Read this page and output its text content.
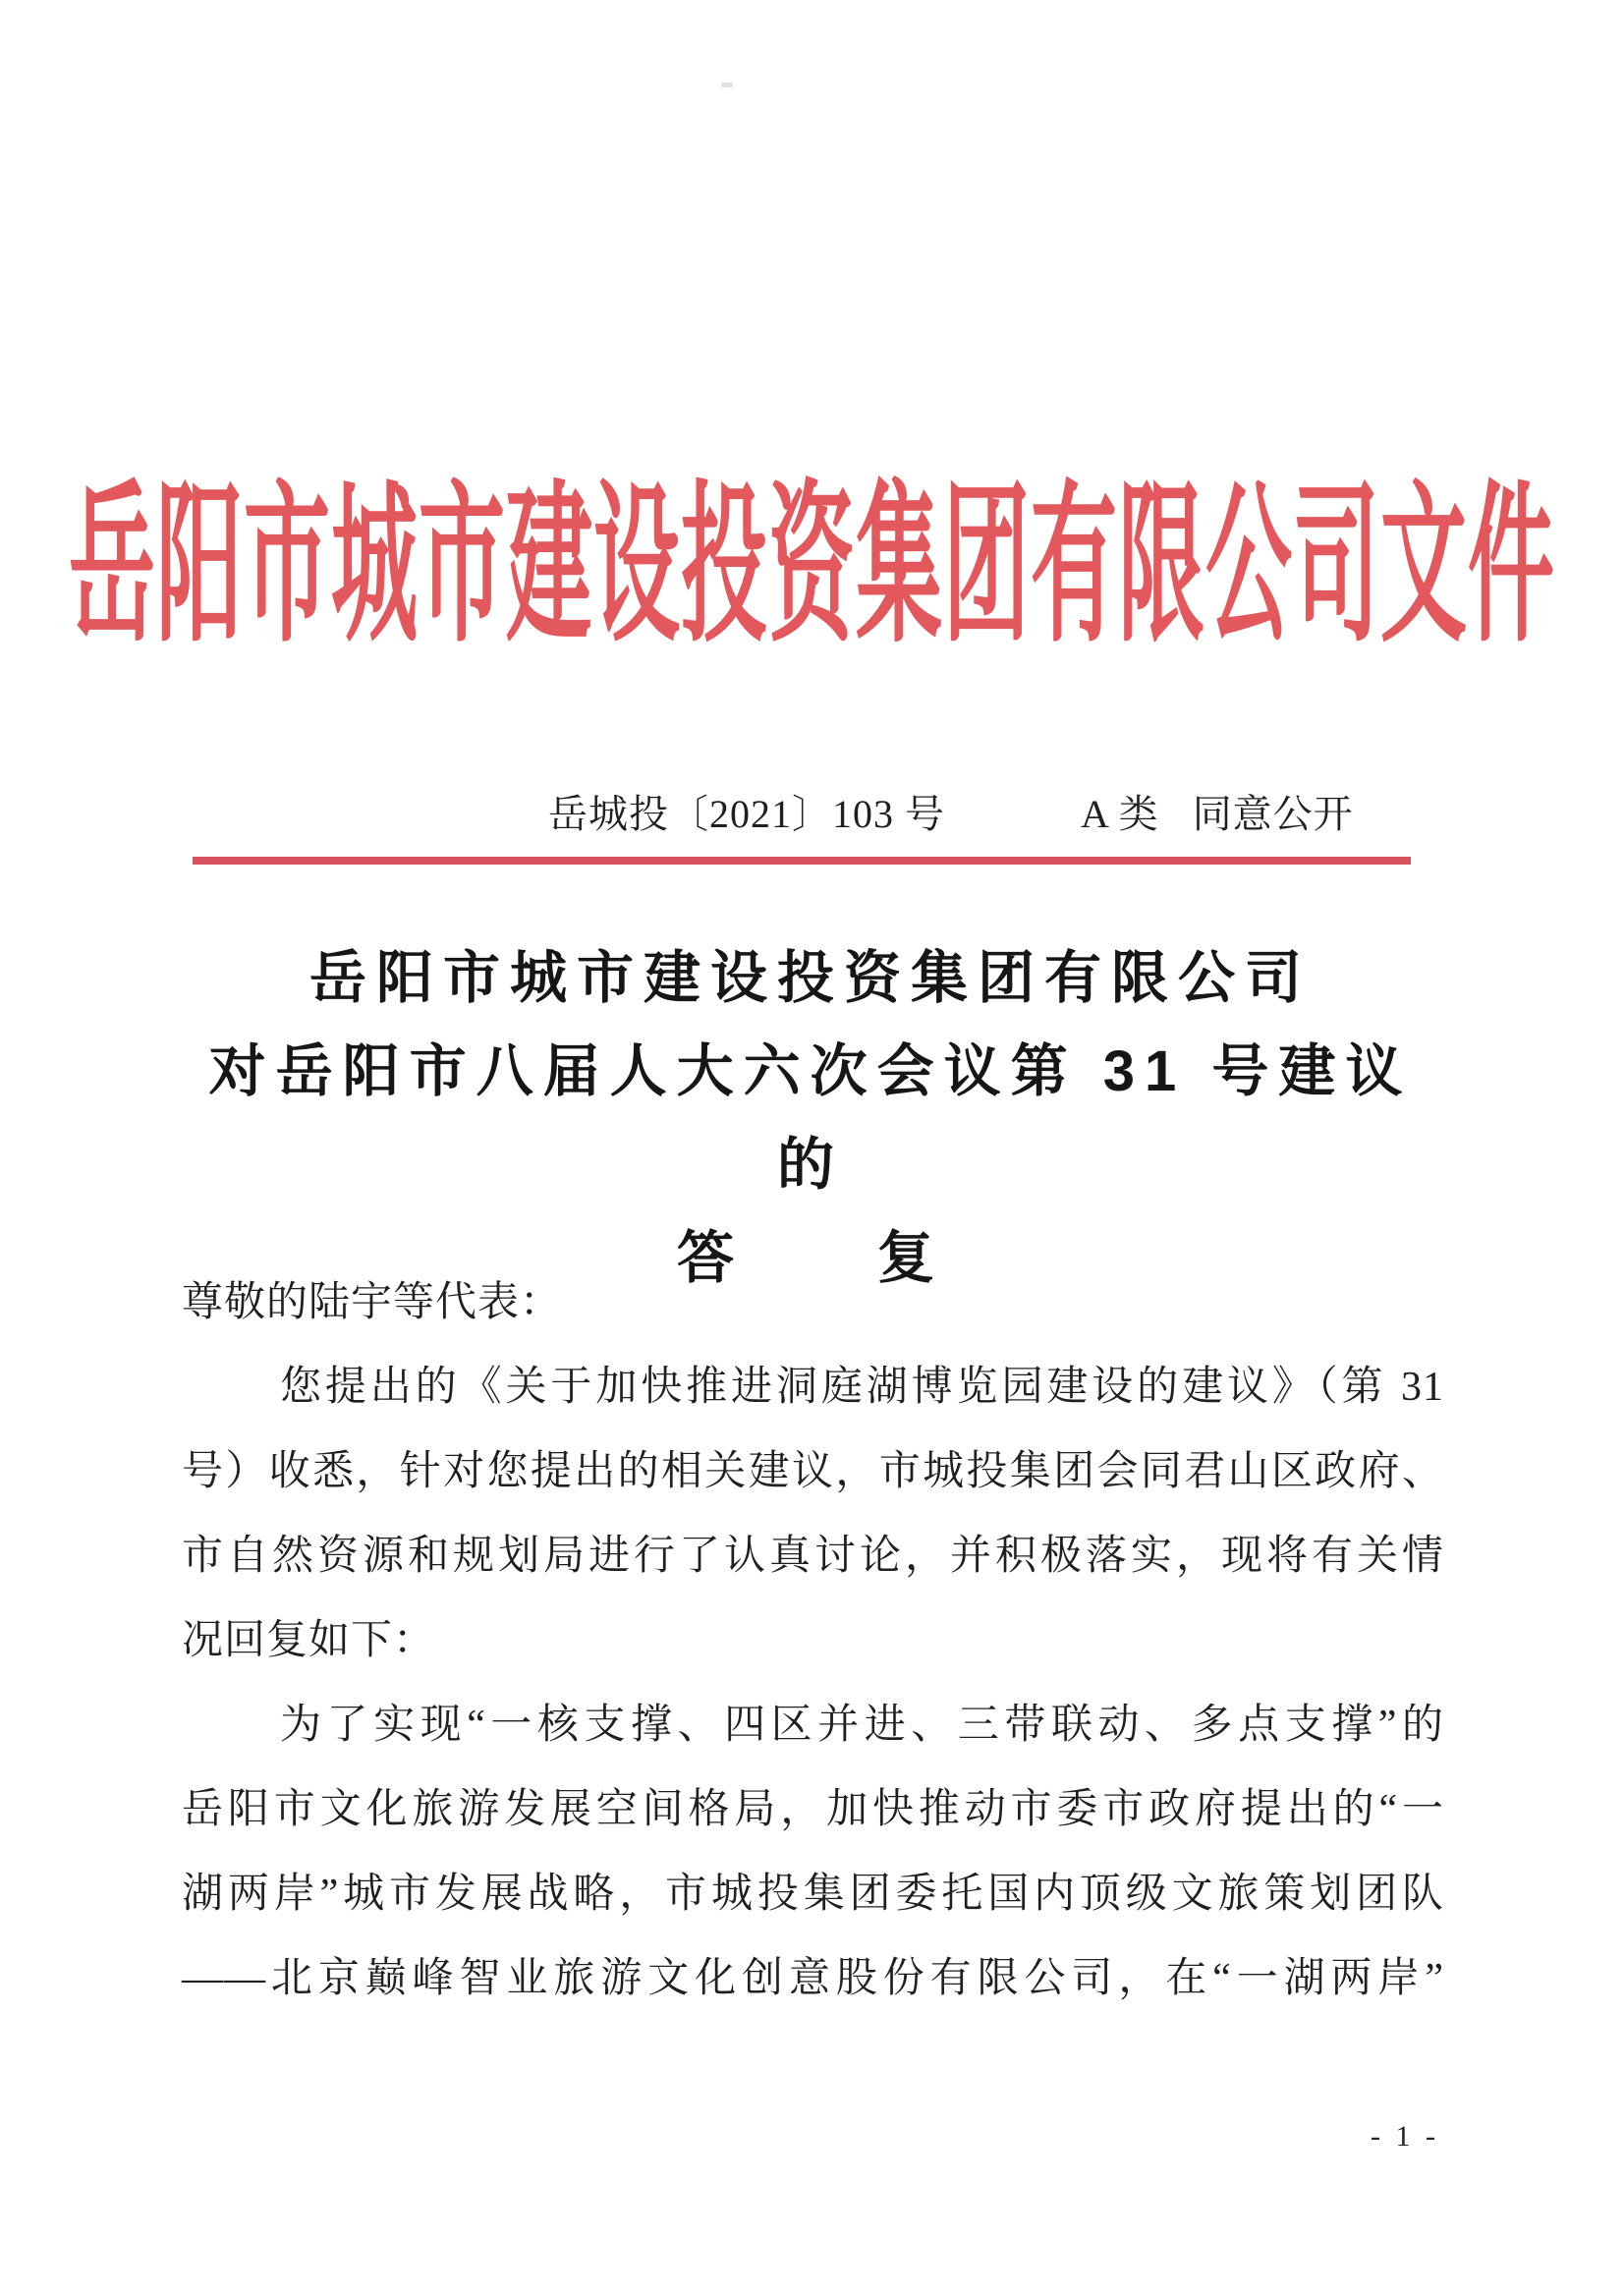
岳阳市城市建设投资集团有限公司文件
岳城投〔2021〕103 号	A 类 同意公开
岳阳市城市建设投资集团有限公司
对岳阳市八届人大六次会议第 31 号建议的
答　　复
尊敬的陆宇等代表：
您提出的《关于加快推进洞庭湖博览园建设的建议》（第 31
号）收悉，针对您提出的相关建议，市城投集团会同君山区政府、
市自然资源和规划局进行了认真讨论，并积极落实，现将有关情
况回复如下：
为了实现“一核支撑、四区并进、三带联动、多点支撑”的
岳阳市文化旅游发展空间格局，加快推动市委市政府提出的“一
湖两岸”城市发展战略，市城投集团委托国内顶级文旅策划团队
——北京巅峰智业旅游文化创意股份有限公司，在“一湖两岸”
- 1 -
